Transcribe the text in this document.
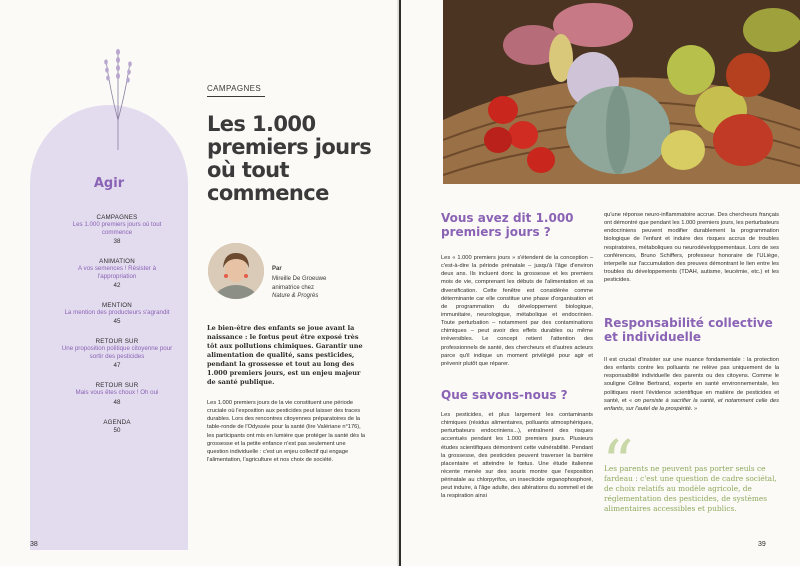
Agir
CAMPAGNES
Les 1.000 premiers jours où tout commence
38
ANIMATION
A vos semences ! Résister à l'appropriation
42
MENTION
La mention des producteurs s'agrandit
45
RETOUR SUR
Une proposition politique citoyenne pour sortir des pesticides
47
RETOUR SUR
Mais vous êtes choux ! Oh oui
48
AGENDA
50
CAMPAGNES
Les 1.000 premiers jours où tout commence
Par
Mireille De Groeuwe
animatrice chez
Nature & Progrès

Le bien-être des enfants se joue avant la naissance : le fœtus peut être exposé très tôt aux pollutions chimiques. Garantir une alimentation de qualité, sans pesticides, pendant la grossesse et tout au long des 1.000 premiers jours, est un enjeu majeur de santé publique.

Les 1.000 premiers jours de la vie constituent une période cruciale où l'exposition aux pesticides peut laisser des traces durables. Lors des rencontres citoyennes préparatoires de la table-ronde de l'Odyssée pour la santé (lire Valériane n°176), les participants ont mis en lumière que protéger la santé dès la grossesse et la petite enfance n'est pas seulement une question individuelle : c'est un enjeu collectif qui engage l'alimentation, l'agriculture et nos choix de société.

38
Vous avez dit 1.000 premiers jours ?

Les « 1.000 premiers jours » s'étendent de la conception – c'est-à-dire la période prénatale – jusqu'à l'âge d'environ deux ans. Ils incluent donc la grossesse et les premiers mois de vie, comprenant les débuts de l'alimentation et sa diversification. Cette fenêtre est considérée comme déterminante car elle constitue une phase d'organisation et de programmation du développement biologique, immunitaire, neurologique, métabolique et endocrinien. Toute perturbation – notamment par des contaminations chimiques – peut avoir des effets durables ou même irréversibles. Le concept retient l'attention des professionnels de santé, des chercheurs et d'autres acteurs parce qu'il indique un moment privilégié pour agir et prévenir plutôt que réparer.

Que savons-nous ?

Les pesticides, et plus largement les contaminants chimiques (résidus alimentaires, polluants atmosphériques, perturbateurs endocriniens...), entraînent des risques accentués pendant les 1.000 premiers jours. Plusieurs études scientifiques démontrent cette vulnérabilité. Pendant la grossesse, des pesticides peuvent traverser la barrière placentaire et atteindre le fœtus. Une étude italienne récente menée sur des souris montre que l'exposition périnatale au chlorpyrifos, un insecticide organophosphoré, peut induire, à l'âge adulte, des altérations du sommeil et de la respiration ainsi

qu'une réponse neuro-inflammatoire accrue. Des chercheurs français ont démontré que pendant les 1.000 premiers jours, les perturbateurs endocriniens peuvent modifier durablement la programmation biologique de l'enfant et induire des risques accrus de troubles respiratoires, métaboliques ou neurodéveloppementaux. Lors de ses conférences, Bruno Schiffers, professeur honoraire de l'ULiège, interpelle sur l'accumulation des preuves démontrant le lien entre les troubles du développements (TDAH, autisme, leucémie, etc.) et les pesticides.

Responsabilité collective et individuelle

Il est crucial d'insister sur une nuance fondamentale : la protection des enfants contre les polluants ne relève pas uniquement de la responsabilité individuelle des parents ou des citoyens. Comme le souligne Céline Bertrand, experte en santé environnementale, les politiques nient l'évidence scientifique en matière de pesticides et santé, et « on persiste à sacrifier la santé, et notamment celle des enfants, sur l'autel de la prospérité. »

“

Les parents ne peuvent pas porter seuls ce fardeau : c'est une question de cadre sociétal, de choix relatifs au modèle agricole, de réglementation des pesticides, de systèmes alimentaires accessibles et publics.

39
